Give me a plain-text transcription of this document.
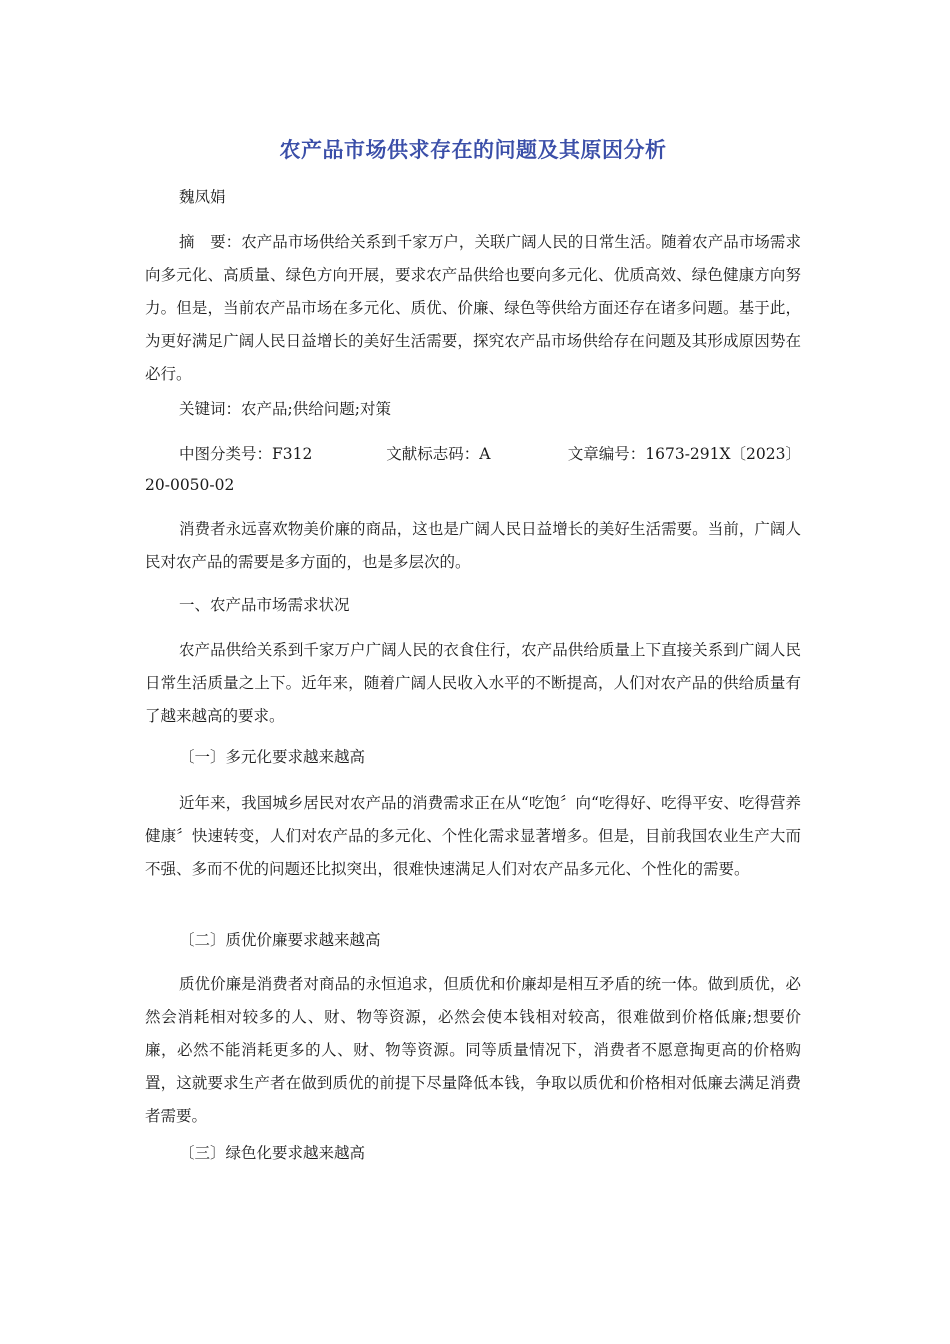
农产品市场供求存在的问题及其原因分析

魏凤娟

摘　要：农产品市场供给关系到千家万户，关联广阔人民的日常生活。随着农产品市场需求向多元化、高质量、绿色方向开展，要求农产品供给也要向多元化、优质高效、绿色健康方向努力。但是，当前农产品市场在多元化、质优、价廉、绿色等供给方面还存在诸多问题。基于此，为更好满足广阔人民日益增长的美好生活需要，探究农产品市场供给存在问题及其形成原因势在必行。

关键词：农产品;供给问题;对策

中图分类号：F312	文献标志码：A	文章编号：1673-291X〔2023〕

20-0050-02

消费者永远喜欢物美价廉的商品，这也是广阔人民日益增长的美好生活需要。当前，广阔人民对农产品的需要是多方面的，也是多层次的。

一、农产品市场需求状况

农产品供给关系到千家万户广阔人民的衣食住行，农产品供给质量上下直接关系到广阔人民日常生活质量之上下。近年来，随着广阔人民收入水平的不断提高，人们对农产品的供给质量有了越来越高的要求。

〔一〕多元化要求越来越高

近年来，我国城乡居民对农产品的消费需求正在从“吃饱〞向“吃得好、吃得平安、吃得营养健康〞快速转变，人们对农产品的多元化、个性化需求显著增多。但是，目前我国农业生产大而不强、多而不优的问题还比拟突出，很难快速满足人们对农产品多元化、个性化的需要。

〔二〕质优价廉要求越来越高

质优价廉是消费者对商品的永恒追求，但质优和价廉却是相互矛盾的统一体。做到质优，必然会消耗相对较多的人、财、物等资源，必然会使本钱相对较高，很难做到价格低廉;想要价廉，必然不能消耗更多的人、财、物等资源。同等质量情况下，消费者不愿意掏更高的价格购置，这就要求生产者在做到质优的前提下尽量降低本钱，争取以质优和价格相对低廉去满足消费者需要。

〔三〕绿色化要求越来越高
